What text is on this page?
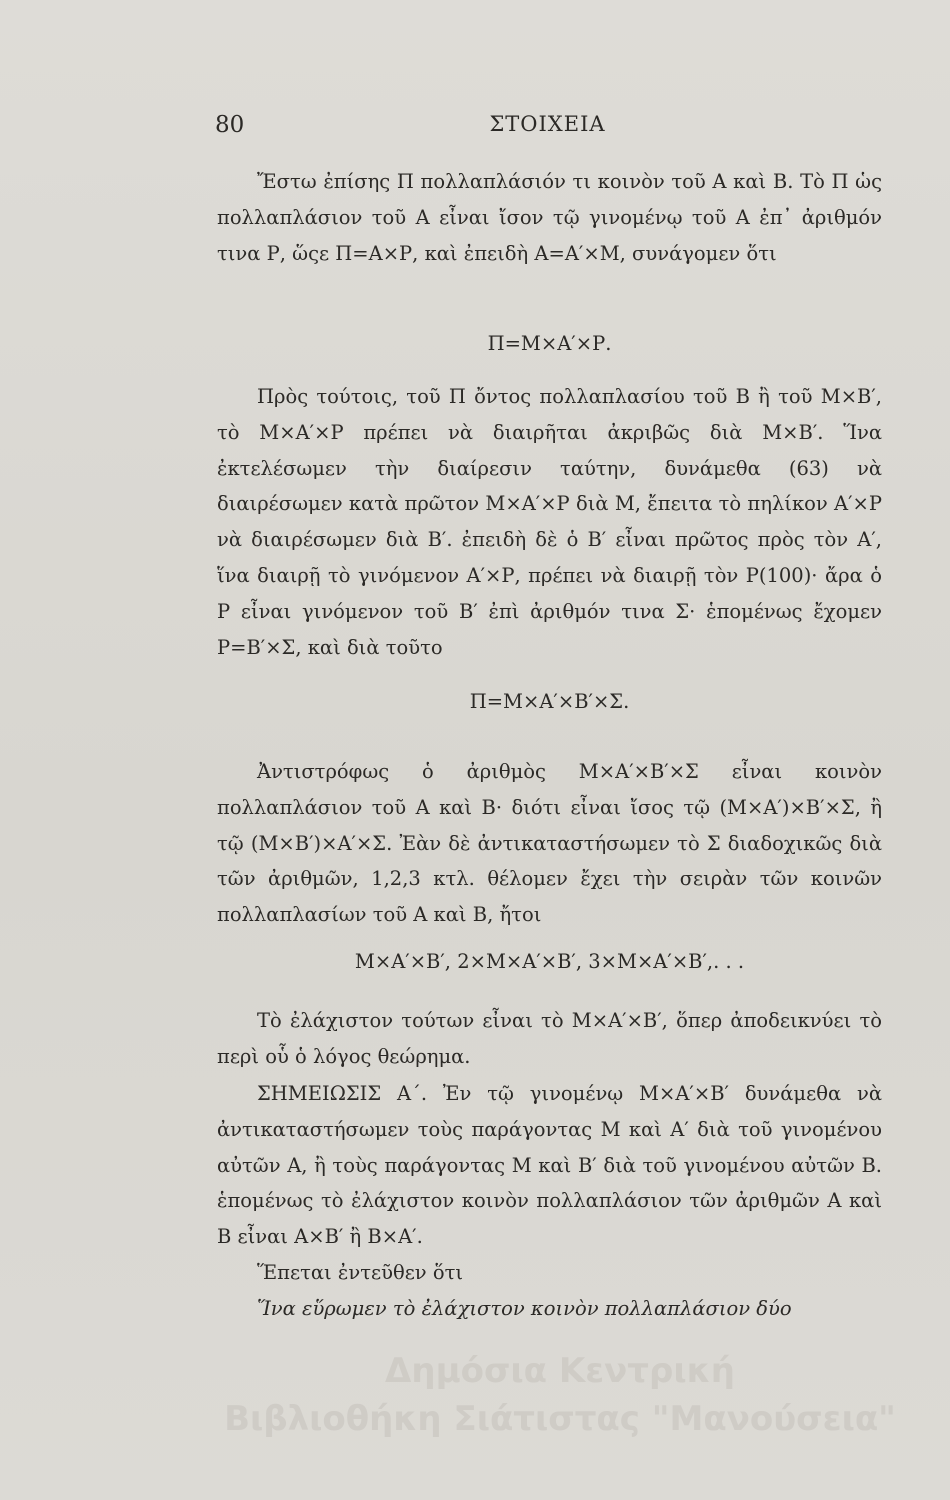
80	ΣΤΟΙΧΕΙΑ

Ἔστω ἐπίσης Π πολλαπλάσιόν τι κοινὸν τοῦ Α καὶ Β. Τὸ Π ὡς πολλαπλάσιον τοῦ Α εἶναι ἴσον τῷ γινομένῳ τοῦ Α ἐπ᾽ ἀριθμόν τινα Ρ, ὥςε Π=Α×Ρ, καὶ ἐπειδὴ Α=Α′×Μ, συνάγομεν ὅτι

Π=Μ×Α′×Ρ.

Πρὸς τούτοις, τοῦ Π ὄντος πολλαπλασίου τοῦ Β ἢ τοῦ Μ×Β′, τὸ Μ×Α′×Ρ πρέπει νὰ διαιρῆται ἀκριβῶς διὰ Μ×Β′. Ἵνα ἐκτελέσωμεν τὴν διαίρεσιν ταύτην, δυνάμεθα (63) νὰ διαιρέσωμεν κατὰ πρῶτον Μ×Α′×Ρ διὰ Μ, ἔπειτα τὸ πηλίκον Α′×Ρ νὰ διαιρέσωμεν διὰ Β′. ἐπειδὴ δὲ ὁ Β′ εἶναι πρῶτος πρὸς τὸν Α′, ἵνα διαιρῇ τὸ γινόμενον Α′×Ρ, πρέπει νὰ διαιρῇ τὸν Ρ(100)· ἄρα ὁ Ρ εἶναι γινόμενον τοῦ Β′ ἐπὶ ἀριθμόν τινα Σ· ἑπομένως ἔχομεν Ρ=Β′×Σ, καὶ διὰ τοῦτο

Π=Μ×Α′×Β′×Σ.

Ἀντιστρόφως ὁ ἀριθμὸς Μ×Α′×Β′×Σ εἶναι κοινὸν πολλαπλάσιον τοῦ Α καὶ Β· διότι εἶναι ἴσος τῷ (Μ×Α′)×Β′×Σ, ἢ τῷ (Μ×Β′)×Α′×Σ. Ἐὰν δὲ ἀντικαταστήσωμεν τὸ Σ διαδοχικῶς διὰ τῶν ἀριθμῶν, 1,2,3 κτλ. θέλομεν ἔχει τὴν σειρὰν τῶν κοινῶν πολλαπλασίων τοῦ Α καὶ Β, ἤτοι

Μ×Α′×Β′, 2×Μ×Α′×Β′, 3×Μ×Α′×Β′,. . .

Τὸ ἐλάχιστον τούτων εἶναι τὸ Μ×Α′×Β′, ὅπερ ἀποδεικνύει τὸ περὶ οὗ ὁ λόγος θεώρημα.

ΣΗΜΕΙΩΣΙΣ Α΄. Ἐν τῷ γινομένῳ Μ×Α′×Β′ δυνάμεθα νὰ ἀντικαταστήσωμεν τοὺς παράγοντας Μ καὶ Α′ διὰ τοῦ γινομένου αὐτῶν Α, ἢ τοὺς παράγοντας Μ καὶ Β′ διὰ τοῦ γινομένου αὐτῶν Β. ἑπομένως τὸ ἐλάχιστον κοινὸν πολλαπλάσιον τῶν ἀριθμῶν Α καὶ Β εἶναι Α×Β′ ἢ Β×Α′.

Ἕπεται ἐντεῦθεν ὅτι

Ἵνα εὕρωμεν τὸ ἐλάχιστον κοινὸν πολλαπλάσιον δύο

Δημόσια Κεντρική
Βιβλιοθήκη Σιάτιστας "Μανούσεια"
